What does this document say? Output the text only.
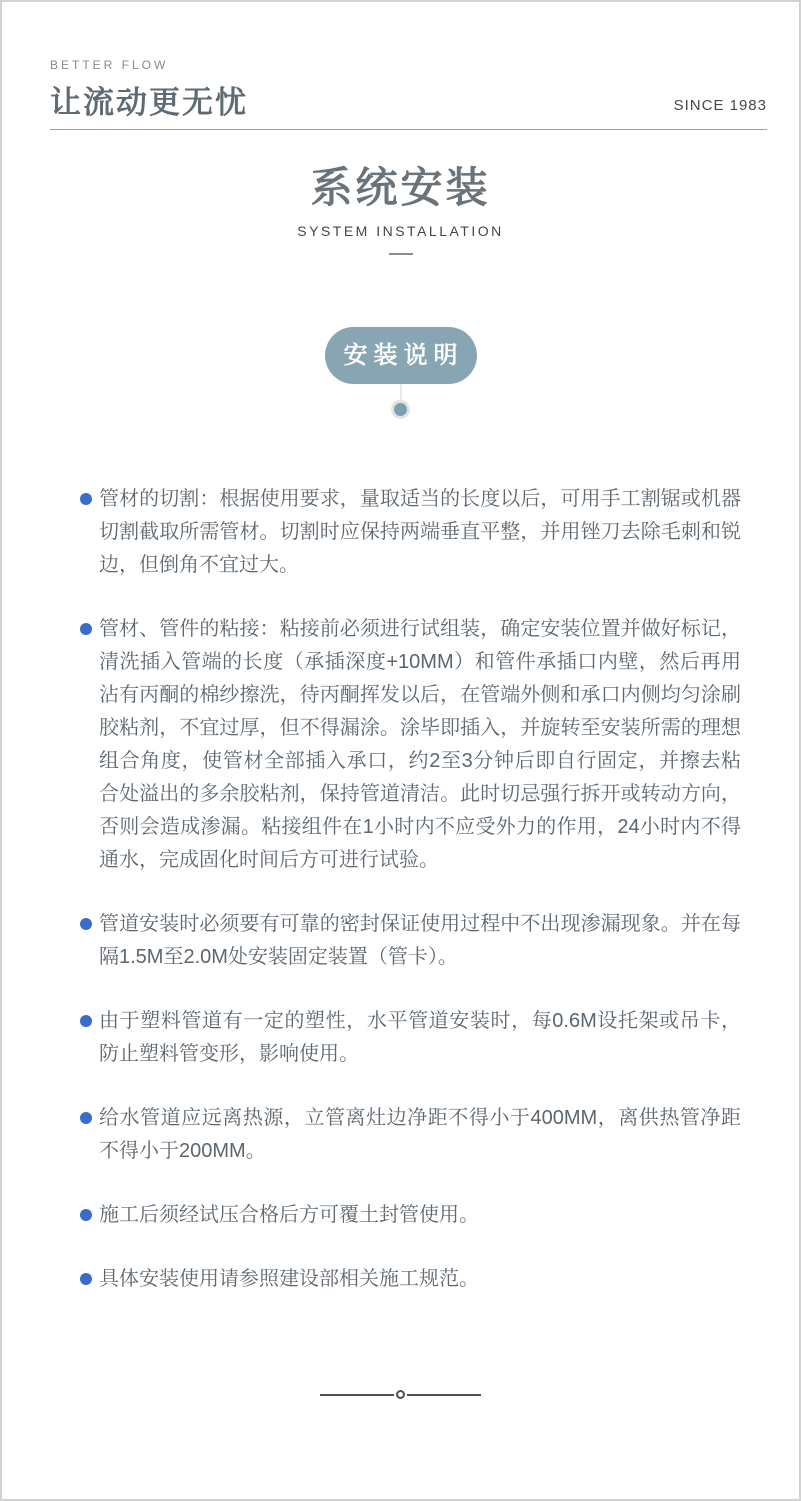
BETTER FLOW
让流动更无忧	SINCE 1983
系统安装
SYSTEM INSTALLATION
安装说明

管材的切割：根据使用要求，量取适当的长度以后，可用手工割锯或机器切割截取所需管材。切割时应保持两端垂直平整，并用锉刀去除毛刺和锐边，但倒角不宜过大。

管材、管件的粘接：粘接前必须进行试组装，确定安装位置并做好标记，清洗插入管端的长度（承插深度+10MM）和管件承插口内壁，然后再用沾有丙酮的棉纱擦洗，待丙酮挥发以后，在管端外侧和承口内侧均匀涂刷胶粘剂，不宜过厚，但不得漏涂。涂毕即插入，并旋转至安装所需的理想组合角度，使管材全部插入承口，约2至3分钟后即自行固定，并擦去粘合处溢出的多余胶粘剂，保持管道清洁。此时切忌强行拆开或转动方向，否则会造成渗漏。粘接组件在1小时内不应受外力的作用，24小时内不得通水，完成固化时间后方可进行试验。

管道安装时必须要有可靠的密封保证使用过程中不出现渗漏现象。并在每隔1.5M至2.0M处安装固定装置（管卡）。

由于塑料管道有一定的塑性，水平管道安装时，每0.6M设托架或吊卡，防止塑料管变形，影响使用。

给水管道应远离热源，立管离灶边净距不得小于400MM，离供热管净距不得小于200MM。

施工后须经试压合格后方可覆土封管使用。

具体安装使用请参照建设部相关施工规范。
